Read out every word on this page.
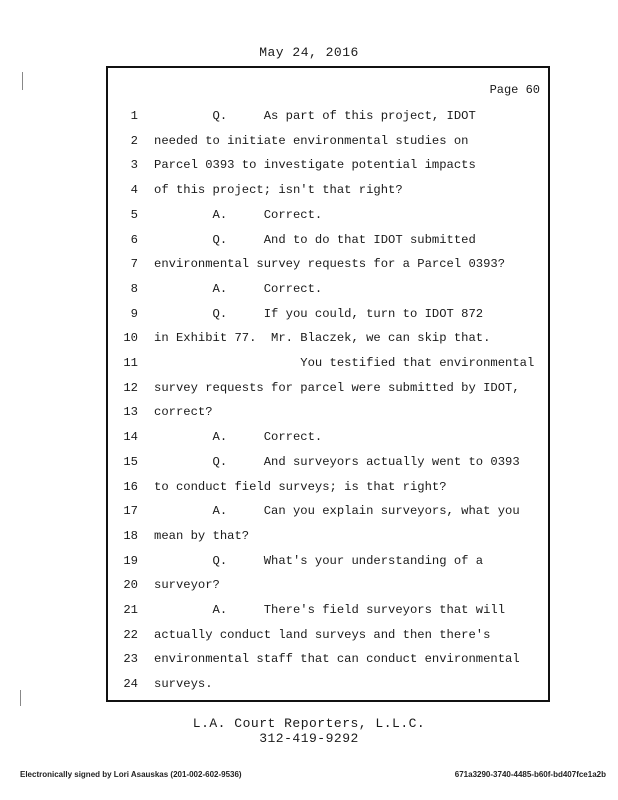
May 24, 2016
Page 60
1 Q.     As part of this project, IDOT
2 needed to initiate environmental studies on
3 Parcel 0393 to investigate potential impacts
4 of this project; isn't that right?
5 A.     Correct.
6 Q.     And to do that IDOT submitted
7 environmental survey requests for a Parcel 0393?
8 A.     Correct.
9 Q.     If you could, turn to IDOT 872
10 in Exhibit 77.  Mr. Blaczek, we can skip that.
11 You testified that environmental
12 survey requests for parcel were submitted by IDOT,
13 correct?
14 A.     Correct.
15 Q.     And surveyors actually went to 0393
16 to conduct field surveys; is that right?
17 A.     Can you explain surveyors, what you
18 mean by that?
19 Q.     What's your understanding of a
20 surveyor?
21 A.     There's field surveyors that will
22 actually conduct land surveys and then there's
23 environmental staff that can conduct environmental
24 surveys.
L.A. Court Reporters, L.L.C.
312-419-9292
Electronically signed by Lori Asauskas (201-002-602-9536)	671a3290-3740-4485-b60f-bd407fce1a2b
